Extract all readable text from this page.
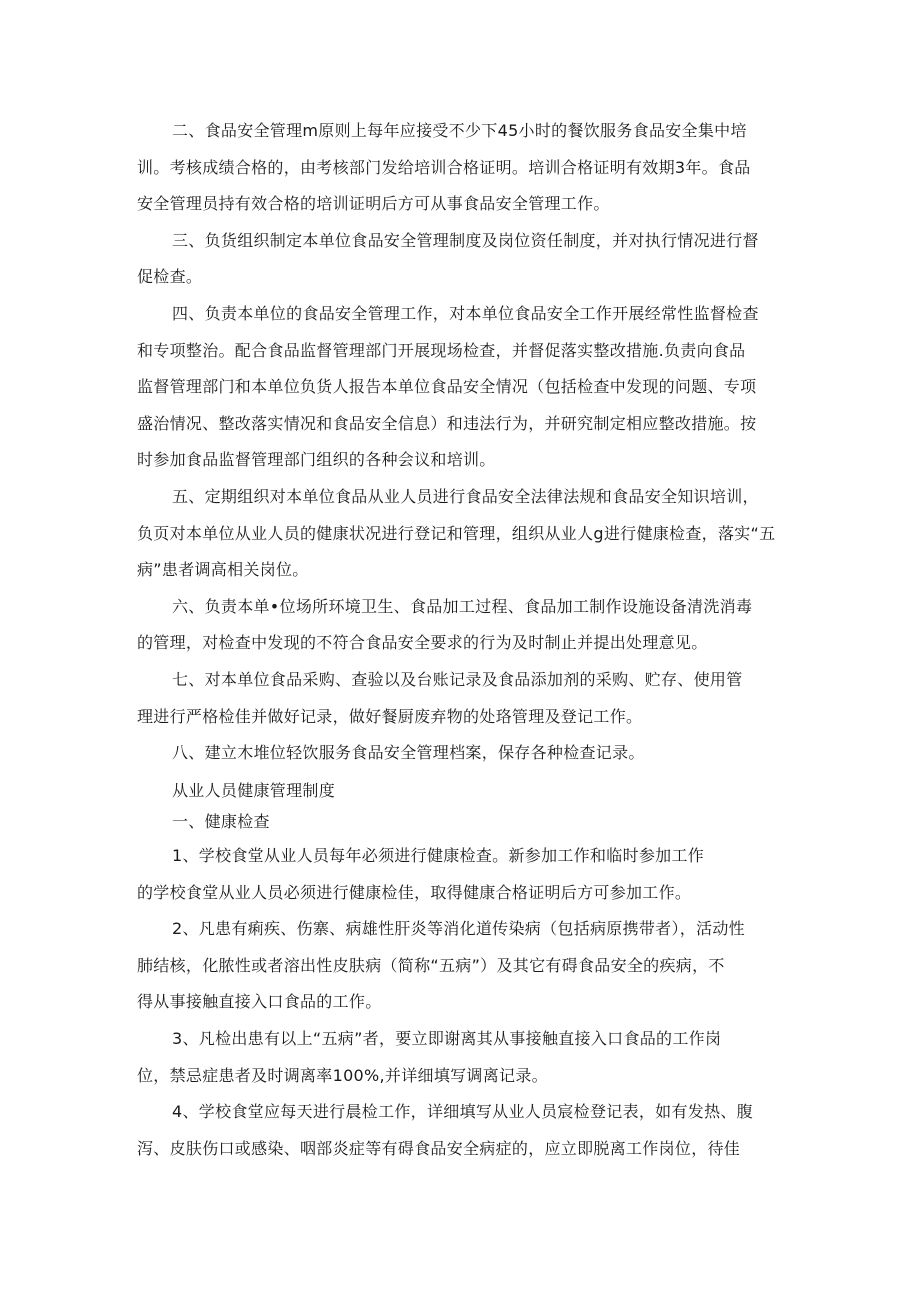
二、食品安全管理m原则上每年应接受不少下45小时的餐饮服务食品安全集中培
训。考核成绩合格的，由考核部门发给培训合格证明。培训合格证明有效期3年。食品
安全管理员持有效合格的培训证明后方可从事食品安全管理工作。
三、负货组织制定本单位食品安全管理制度及岗位资任制度，并对执行情况进行督
促检查。
四、负责本单位的食品安全管理工作，对本单位食品安全工作开展经常性监督检查
和专项整治。配合食品监督管理部门开展现场检查，并督促落实整改措施.负责向食品
监督管理部门和本单位负货人报告本单位食品安全情况（包括检查中发现的问题、专项
盛治情况、整改落实情况和食品安全信息）和违法行为，并研究制定相应整改措施。按
时参加食品监督管理部门组织的各种会议和培训。
五、定期组织对本单位食品从业人员进行食品安全法律法规和食品安全知识培训，
负页对本单位从业人员的健康状况进行登记和管理，组织从业人g进行健康检查，落实“五
病”患者调高相关岗位。
六、负责本单•位场所环境卫生、食品加工过程、食品加工制作设施设备清洗消毒
的管理，对检查中发现的不符合食品安全要求的行为及时制止并提出处理意见。
七、对本单位食品采购、查验以及台账记录及食品添加剂的采购、贮存、使用管
理进行严格检佳并做好记录，做好餐厨废弃物的处珞管理及登记工作。
八、建立木堆位轻饮服务食品安全管理档案，保存各种检查记录。
从业人员健康管理制度
一、健康检查
1、学校食堂从业人员每年必须进行健康检查。新参加工作和临时参加工作
的学校食堂从业人员必须进行健康检佳，取得健康合格证明后方可参加工作。
2、凡患有痢疾、伤寨、病雄性肝炎等消化道传染病（包括病原携带者），活动性
肺结核，化脓性或者溶出性皮肤病（简称“五病”）及其它有碍食品安全的疾病，不
得从事接触直接入口食品的工作。
3、凡检出患有以上“五病”者，要立即谢离其从事接触直接入口食品的工作岗
位，禁忌症患者及时调离率100%,并详细填写调离记录。
4、学校食堂应每天进行晨检工作，详细填写从业人员宸检登记表，如有发热、腹
泻、皮肤伤口或感染、咽部炎症等有碍食品安全病症的，应立即脱离工作岗位，待佳
